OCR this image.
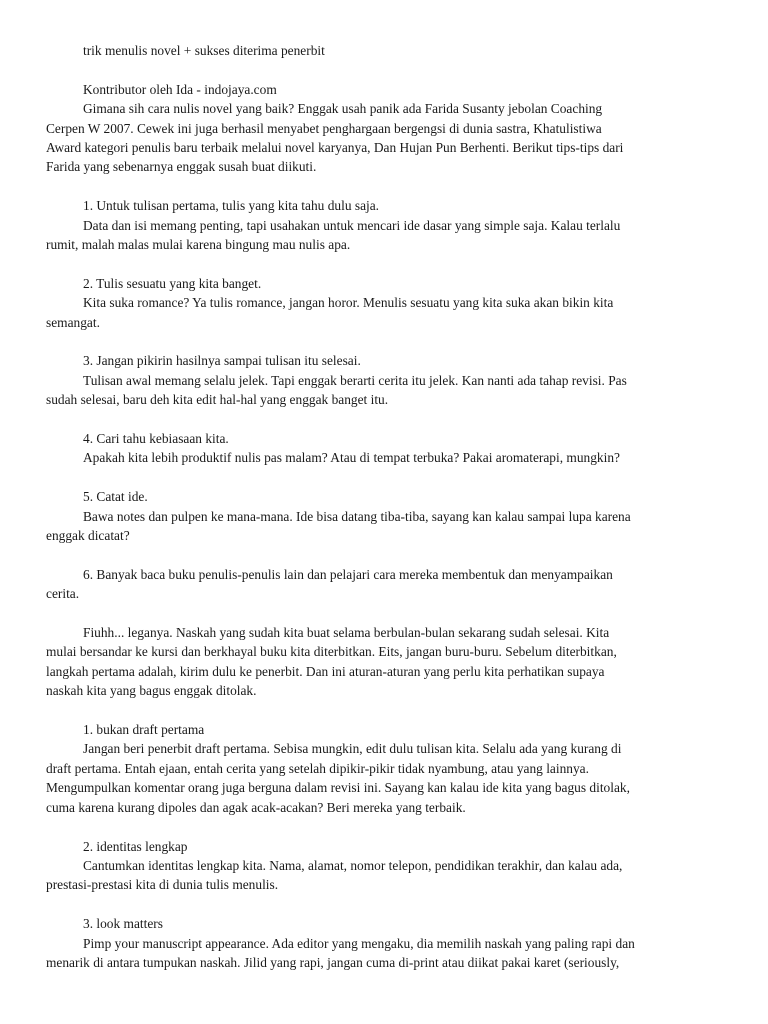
trik menulis novel + sukses diterima penerbit

Kontributor oleh Ida - indojaya.com

Gimana sih cara nulis novel yang baik? Enggak usah panik ada Farida Susanty jebolan Coaching

Cerpen W 2007. Cewek ini juga berhasil menyabet penghargaan bergengsi di dunia sastra, Khatulistiwa

Award kategori penulis baru terbaik melalui novel karyanya, Dan Hujan Pun Berhenti. Berikut tips-tips dari

Farida yang sebenarnya enggak susah buat diikuti.

1. Untuk tulisan pertama, tulis yang kita tahu dulu saja.

Data dan isi memang penting, tapi usahakan untuk mencari ide dasar yang simple saja. Kalau terlalu

rumit, malah malas mulai karena bingung mau nulis apa.

2. Tulis sesuatu yang kita banget.

Kita suka romance? Ya tulis romance, jangan horor. Menulis sesuatu yang kita suka akan bikin kita

semangat.

3. Jangan pikirin hasilnya sampai tulisan itu selesai.

Tulisan awal memang selalu jelek. Tapi enggak berarti cerita itu jelek. Kan nanti ada tahap revisi. Pas

sudah selesai, baru deh kita edit hal-hal yang enggak banget itu.

4. Cari tahu kebiasaan kita.

Apakah kita lebih produktif nulis pas malam? Atau di tempat terbuka? Pakai aromaterapi, mungkin?

5. Catat ide.

Bawa notes dan pulpen ke mana-mana. Ide bisa datang tiba-tiba, sayang kan kalau sampai lupa karena

enggak dicatat?

6. Banyak baca buku penulis-penulis lain dan pelajari cara mereka membentuk dan menyampaikan

cerita.

Fiuhh... leganya. Naskah yang sudah kita buat selama berbulan-bulan sekarang sudah selesai. Kita

mulai bersandar ke kursi dan berkhayal buku kita diterbitkan. Eits, jangan buru-buru. Sebelum diterbitkan,

langkah pertama adalah, kirim dulu ke penerbit. Dan ini aturan-aturan yang perlu kita perhatikan supaya

naskah kita yang bagus enggak ditolak.

1. bukan draft pertama

Jangan beri penerbit draft pertama. Sebisa mungkin, edit dulu tulisan kita. Selalu ada yang kurang di

draft pertama. Entah ejaan, entah cerita yang setelah dipikir-pikir tidak nyambung, atau yang lainnya.

Mengumpulkan komentar orang juga berguna dalam revisi ini. Sayang kan kalau ide kita yang bagus ditolak,

cuma karena kurang dipoles dan agak acak-acakan? Beri mereka yang terbaik.

2. identitas lengkap

Cantumkan identitas lengkap kita. Nama, alamat, nomor telepon, pendidikan terakhir, dan kalau ada,

prestasi-prestasi kita di dunia tulis menulis.

3. look matters

Pimp your manuscript appearance. Ada editor yang mengaku, dia memilih naskah yang paling rapi dan

menarik di antara tumpukan naskah. Jilid yang rapi, jangan cuma di-print atau diikat pakai karet (seriously,
